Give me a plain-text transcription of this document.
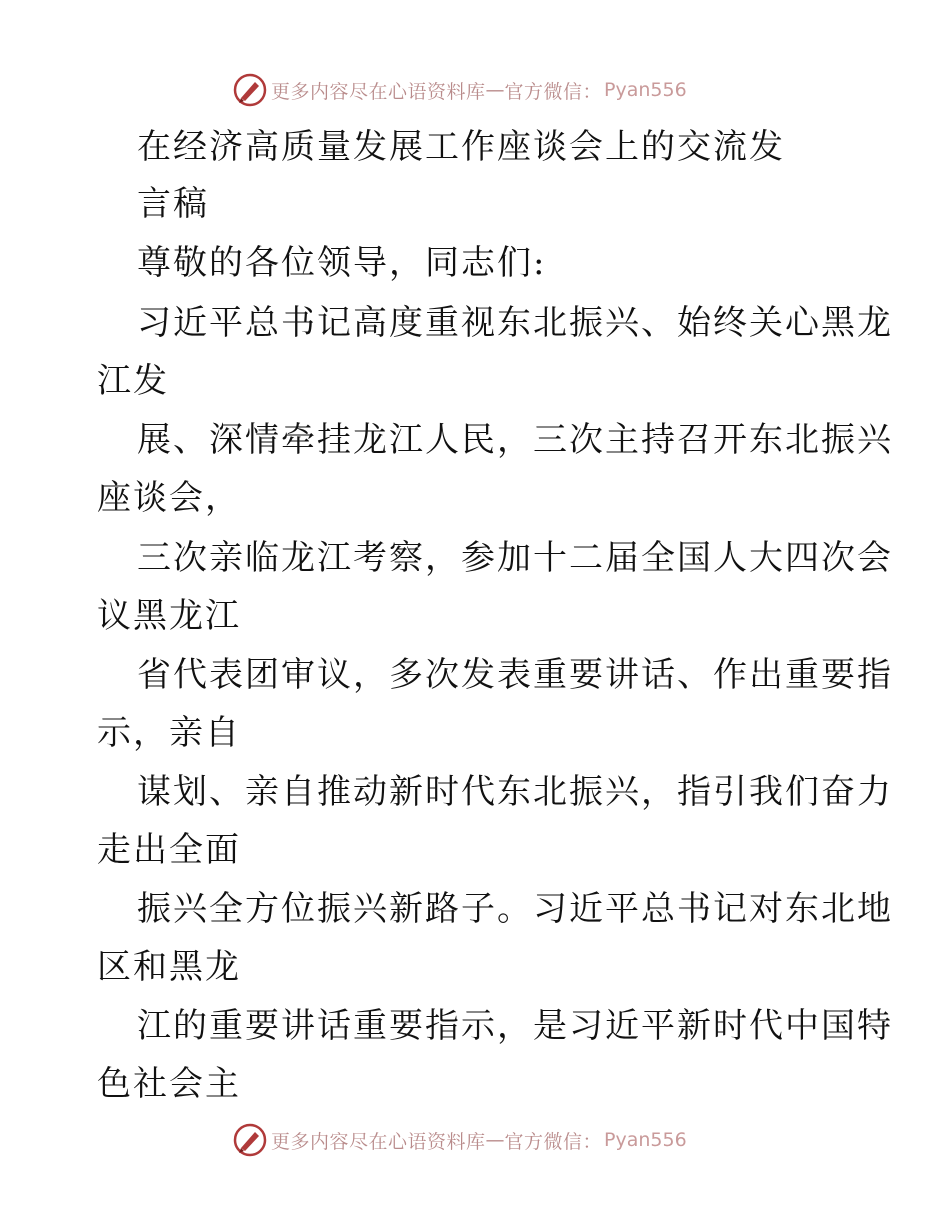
更多内容尽在心语资料库 — 官方微信： Pyan556
在经济高质量发展工作座谈会上的交流发
言稿
尊敬的各位领导，同志们:
习近平总书记高度重视东北振兴、始终关心黑龙
江发
展、深情牵挂龙江人民，三次主持召开东北振兴
座谈会，
三次亲临龙江考察，参加十二届全国人大四次会
议黑龙江
省代表团审议，多次发表重要讲话、作出重要指
示，亲自
谋划、亲自推动新时代东北振兴，指引我们奋力
走出全面
振兴全方位振兴新路子。习近平总书记对东北地
区和黑龙
江的重要讲话重要指示，是习近平新时代中国特
色社会主
更多内容尽在心语资料库 — 官方微信： Pyan556
